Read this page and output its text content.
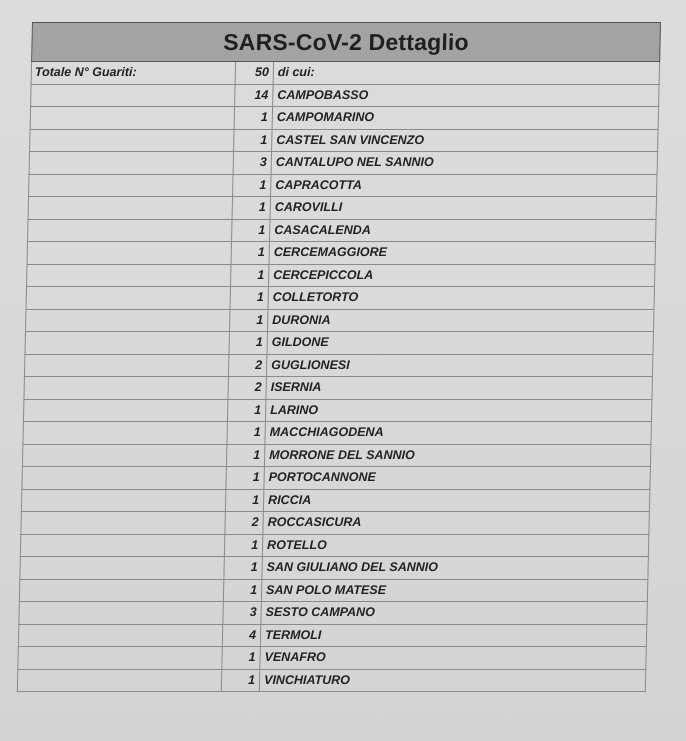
SARS-CoV-2 Dettaglio		
Totale N° Guariti:	50	di cui:
	14	CAMPOBASSO
	1	CAMPOMARINO
	1	CASTEL SAN VINCENZO
	3	CANTALUPO NEL SANNIO
	1	CAPRACOTTA
	1	CAROVILLI
	1	CASACALENDA
	1	CERCEMAGGIORE
	1	CERCEPICCOLA
	1	COLLETORTO
	1	DURONIA
	1	GILDONE
	2	GUGLIONESI
	2	ISERNIA
	1	LARINO
	1	MACCHIAGODENA
	1	MORRONE DEL SANNIO
	1	PORTOCANNONE
	1	RICCIA
	2	ROCCASICURA
	1	ROTELLO
	1	SAN GIULIANO DEL SANNIO
	1	SAN POLO MATESE
	3	SESTO CAMPANO
	4	TERMOLI
	1	VENAFRO
	1	VINCHIATURO
